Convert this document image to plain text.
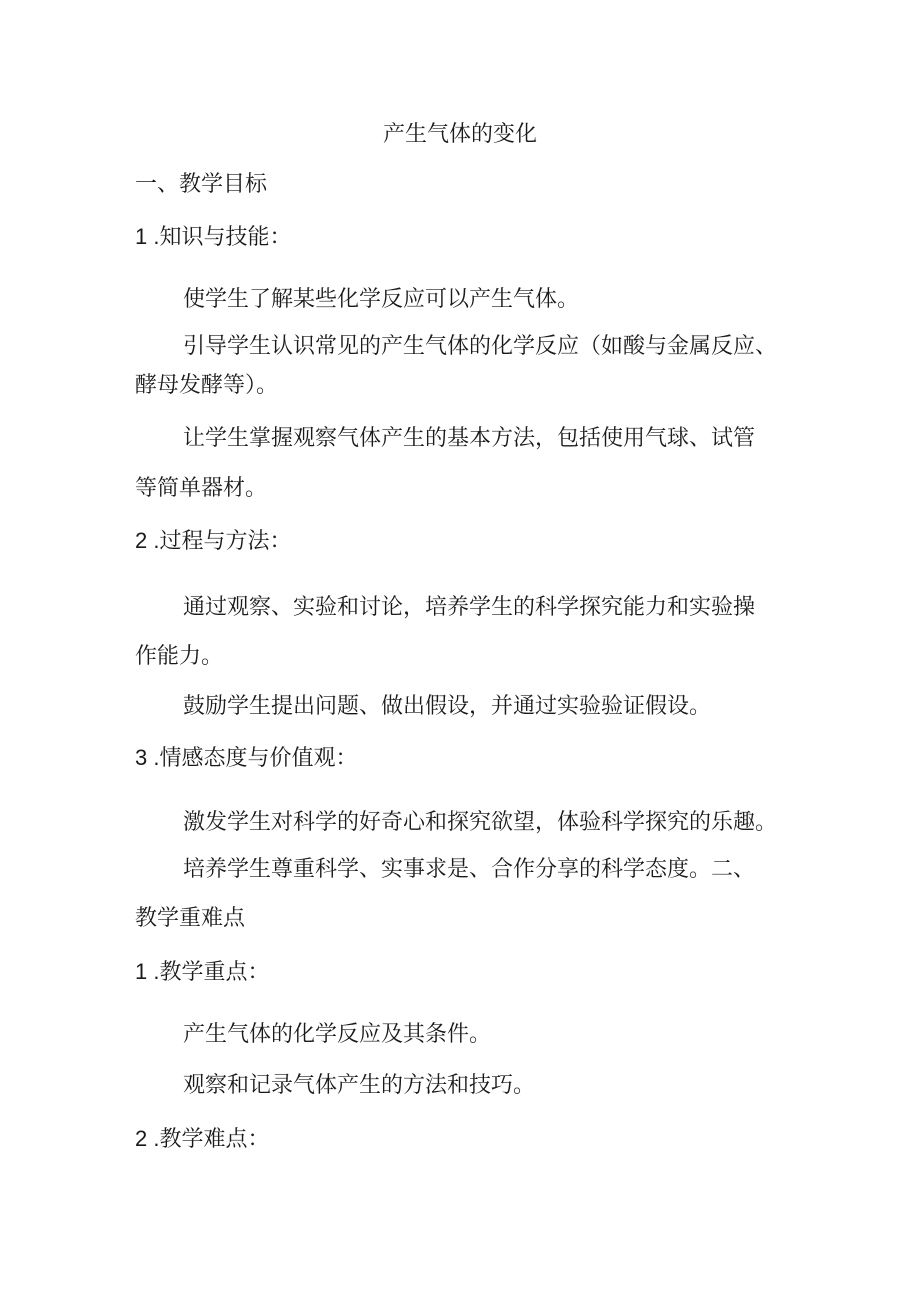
产生气体的变化
一、教学目标
1 .知识与技能：
使学生了解某些化学反应可以产生气体。
引导学生认识常见的产生气体的化学反应（如酸与金属反应、
酵母发酵等）。
让学生掌握观察气体产生的基本方法，包括使用气球、试管
等简单器材。
2 .过程与方法：
通过观察、实验和讨论，培养学生的科学探究能力和实验操
作能力。
鼓励学生提出问题、做出假设，并通过实验验证假设。
3 .情感态度与价值观：
激发学生对科学的好奇心和探究欲望，体验科学探究的乐趣。
培养学生尊重科学、实事求是、合作分享的科学态度。二、
教学重难点
1 .教学重点：
产生气体的化学反应及其条件。
观察和记录气体产生的方法和技巧。
2 .教学难点：
